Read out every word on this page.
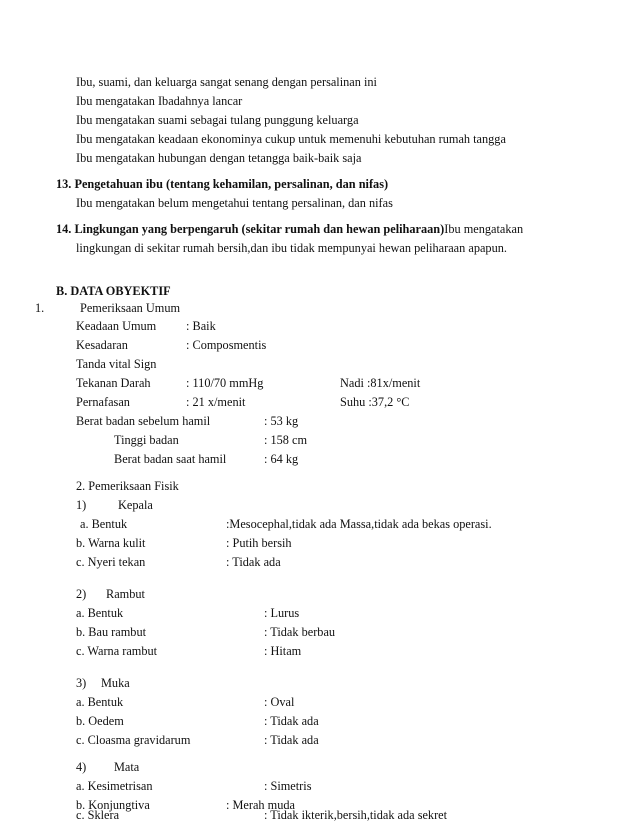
Ibu, suami, dan keluarga sangat senang dengan persalinan ini
Ibu mengatakan Ibadahnya lancar
Ibu mengatakan suami sebagai tulang punggung keluarga
Ibu mengatakan keadaan ekonominya cukup untuk memenuhi kebutuhan rumah tangga
Ibu mengatakan hubungan dengan tetangga baik-baik saja
13. Pengetahuan ibu (tentang kehamilan, persalinan, dan nifas)
Ibu mengatakan belum mengetahui tentang persalinan, dan nifas
14. Lingkungan yang berpengaruh (sekitar rumah dan hewan peliharaan)Ibu mengatakan
lingkungan di sekitar rumah bersih,dan ibu tidak mempunyai hewan peliharaan apapun.
B. DATA OBYEKTIF
1.	Pemeriksaan Umum
Keadaan Umum : Baik
Kesadaran	: Composmentis
Tanda vital Sign
Tekanan Darah	: 110/70 mmHg	Nadi :81x/menit
Pernafasan	: 21 x/menit	Suhu :37,2 °C
Berat badan sebelum hamil	: 53 kg
Tinggi badan	: 158 cm
Berat badan saat hamil	: 64 kg
2. Pemeriksaan Fisik
1)	Kepala
a. Bentuk	:Mesocephal,tidak ada Massa,tidak ada bekas operasi.
b. Warna kulit	: Putih bersih
c. Nyeri tekan	: Tidak ada
2) Rambut
a. Bentuk	: Lurus
b. Bau rambut	: Tidak berbau
c. Warna rambut	: Hitam
3) Muka
a. Bentuk	: Oval
b. Oedem	: Tidak ada
c. Cloasma gravidarum	: Tidak ada
4) Mata
a. Kesimetrisan	: Simetris
b. Konjungtiva	: Merah muda
c. Sklera	: Tidak ikterik,bersih,tidak ada sekret
